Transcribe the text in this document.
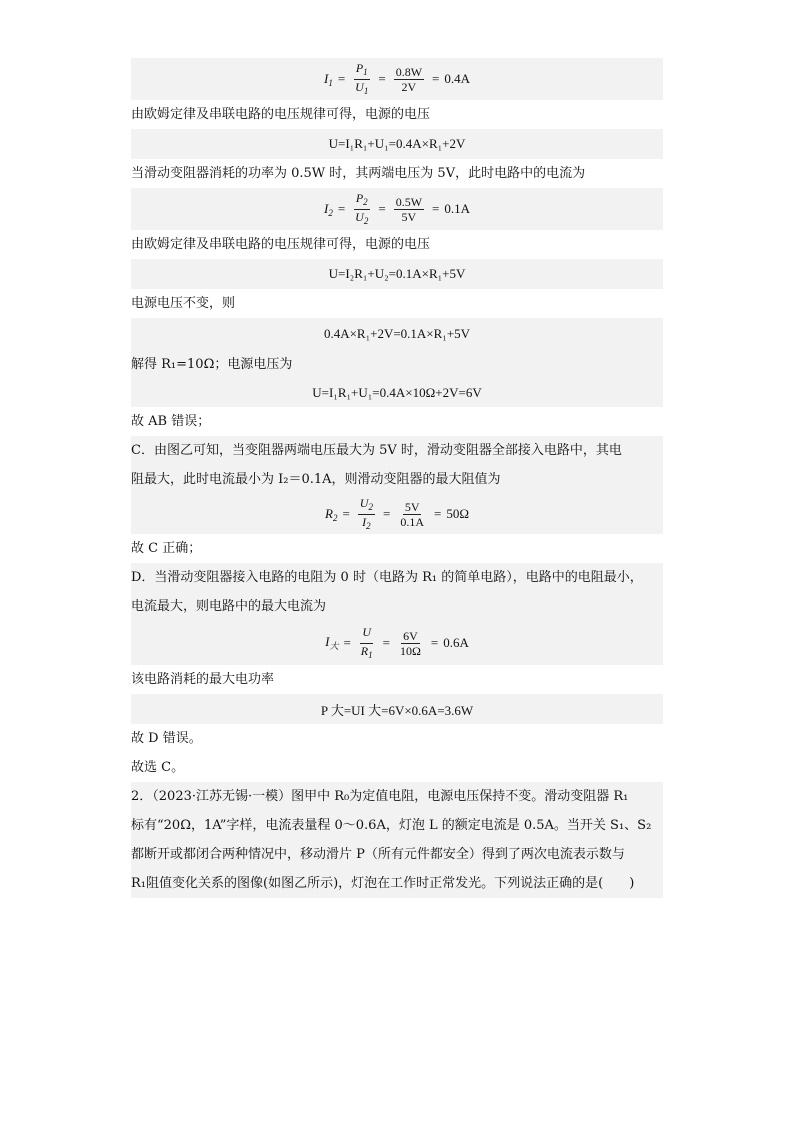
$I_1 = \frac{P_1}{U_1} = \frac{0.8W}{2V} = 0.4A$
由欧姆定律及串联电路的电压规律可得，电源的电压
U=I₁R₁+U₁=0.4A×R₁+2V
当滑动变阻器消耗的功率为 0.5W 时，其两端电压为 5V，此时电路中的电流为
$I_2 = \frac{P_2}{U_2} = \frac{0.5W}{5V} = 0.1A$
由欧姆定律及串联电路的电压规律可得，电源的电压
U=I₂R₁+U₂=0.1A×R₁+5V
电源电压不变，则
0.4A×R₁+2V=0.1A×R₁+5V
解得 R₁=10Ω；电源电压为
U=I₁R₁+U₁=0.4A×10Ω+2V=6V
故 AB 错误；
C．由图乙可知，当变阻器两端电压最大为 5V 时，滑动变阻器全部接入电路中，其电
阻最大，此时电流最小为 I₂＝0.1A，则滑动变阻器的最大阻值为
$R_2 = \frac{U_2}{I_2} = \frac{5V}{0.1A} = 50\Omega$
故 C 正确；
D．当滑动变阻器接入电路的电阻为 0 时（电路为 R₁ 的简单电路），电路中的电阻最小，
电流最大，则电路中的最大电流为
$I_大 = \frac{U}{R_1} = \frac{6V}{10\Omega} = 0.6A$
该电路消耗的最大电功率
P 大=UI 大=6V×0.6A=3.6W
故 D 错误。
故选 C。
2．（2023·江苏无锡·一模）图甲中 R₀为定值电阻，电源电压保持不变。滑动变阻器 R₁
标有“20Ω，1A”字样，电流表量程 0～0.6A，灯泡 L 的额定电流是 0.5A。当开关 S₁、S₂
都断开或都闭合两种情况中，移动滑片 P（所有元件都安全）得到了两次电流表示数与
R₁阻值变化关系的图像(如图乙所示)，灯泡在工作时正常发光。下列说法正确的是(　　)
